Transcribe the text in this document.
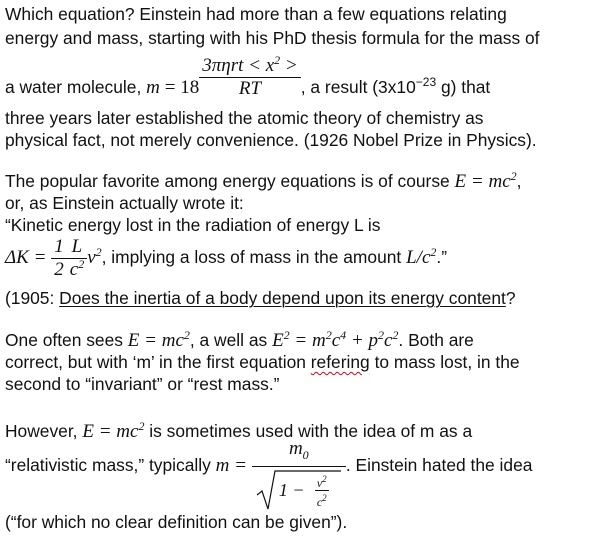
Which equation? Einstein had more than a few equations relating
energy and mass, starting with his PhD thesis formula for the mass of
a water molecule, $m = 18 \frac{3\pi\eta rt < x^2 >}{RT}$ , a result ($3x10^{-23}$ g) that
three years later established the atomic theory of chemistry as
physical fact, not merely convenience. (1926 Nobel Prize in Physics).
The popular favorite among energy equations is of course $E = mc^2$,
or, as Einstein actually wrote it:
“Kinetic energy lost in the radiation of energy L is
$\Delta K = \frac{1}{2} \frac{L}{c^2} v^2$, implying a loss of mass in the amount $L/c^2$.”
(1905: Does the inertia of a body depend upon its energy content?
One often sees $E = mc^2$, a well as $E^2 = m^2c^4 + p^2c^2$. Both are
correct, but with ‘m’ in the first equation refering to mass lost, in the
second to “invariant” or “rest mass.”
However, $E = mc^2$ is sometimes used with the idea of m as a
“relativistic mass,” typically $m = \frac{m_0}{1 - \frac{v^2}{c^2}}$ . Einstein hated the idea
(“for which no clear definition can be given”).
